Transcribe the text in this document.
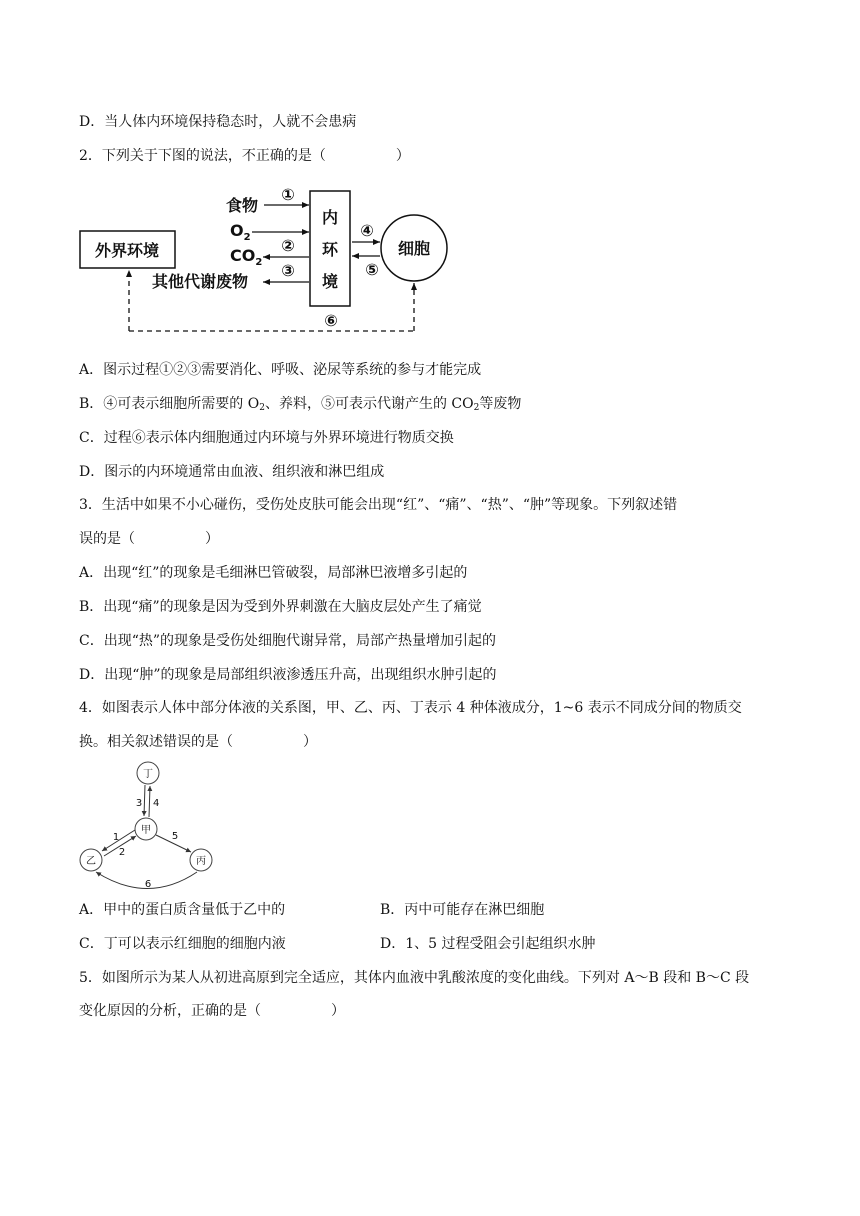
D．当人体内环境保持稳态时，人就不会患病
2．下列关于下图的说法，不正确的是（　　　　　）
外界环境
内
环
境
细胞
食物
①
$O_2$ ②
$CO_2$
其他代谢废物
③
④
⑤
⑥
A．图示过程①②③需要消化、呼吸、泌尿等系统的参与才能完成
B．④可表示细胞所需要的 $O_2$、养料，⑤可表示代谢产生的 $CO_2$等废物
C．过程⑥表示体内细胞通过内环境与外界环境进行物质交换
D．图示的内环境通常由血液、组织液和淋巴组成
3．生活中如果不小心碰伤，受伤处皮肤可能会出现“红”、“痛”、“热”、“肿”等现象。下列叙述错
误的是（　　　　　）
A．出现“红”的现象是毛细淋巴管破裂，局部淋巴液增多引起的
B．出现“痛”的现象是因为受到外界刺激在大脑皮层处产生了痛觉
C．出现“热”的现象是受伤处细胞代谢异常，局部产热量增加引起的
D．出现“肿”的现象是局部组织液渗透压升高，出现组织水肿引起的
4．如图表示人体中部分体液的关系图，甲、乙、丙、丁表示 4 种体液成分，1~6 表示不同成分间的物质交
换。相关叙述错误的是（　　　　　）
丁
甲
乙	丙
3 4
1
2
5
6
A．甲中的蛋白质含量低于乙中的	B．丙中可能存在淋巴细胞
C．丁可以表示红细胞的细胞内液	D．1、5 过程受阻会引起组织水肿
5．如图所示为某人从初进高原到完全适应，其体内血液中乳酸浓度的变化曲线。下列对 A～B 段和 B～C 段
变化原因的分析，正确的是（　　　　　）
